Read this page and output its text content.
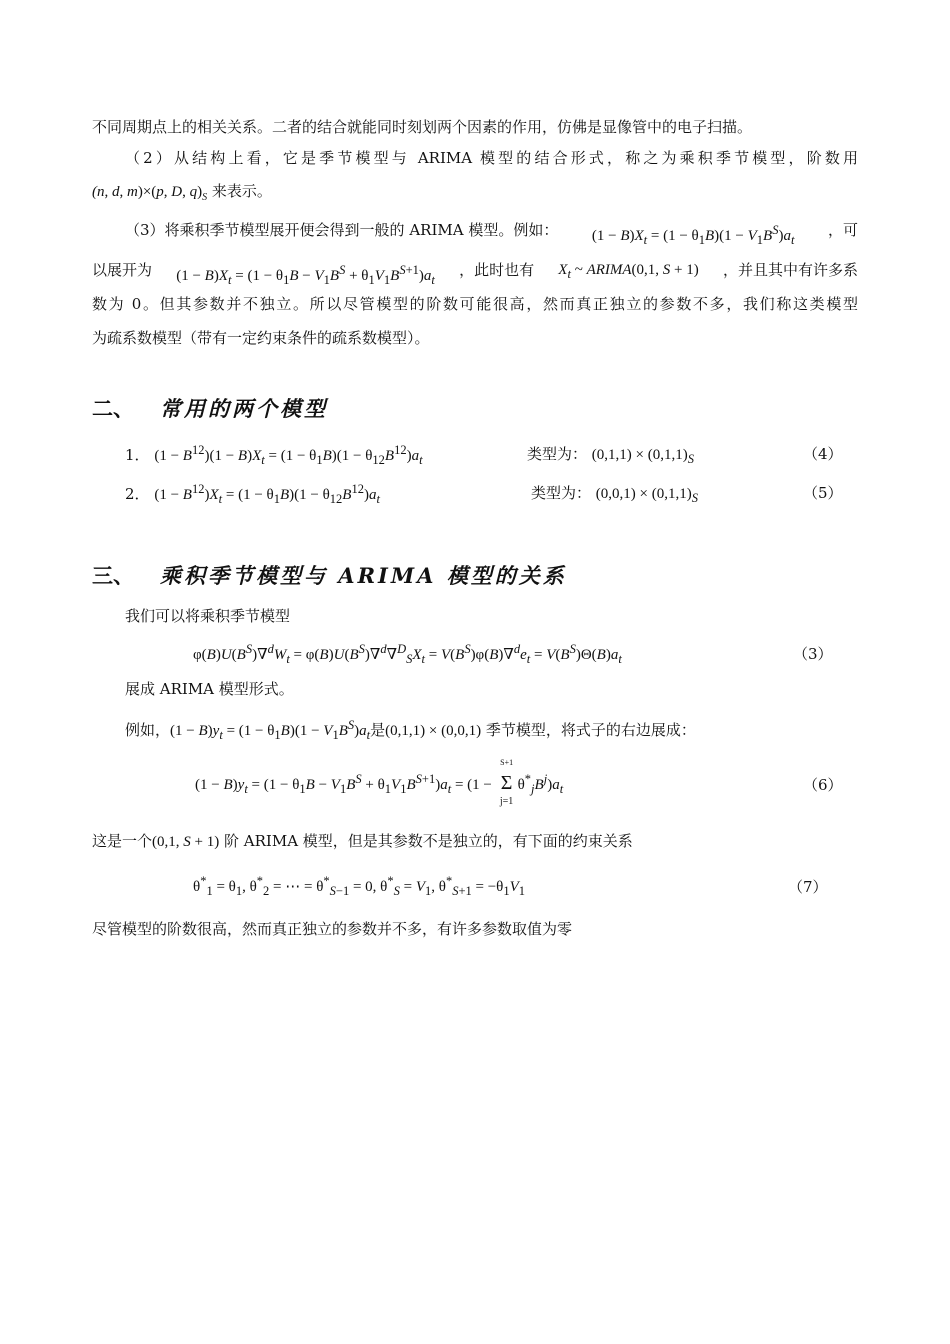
不同周期点上的相关关系。二者的结合就能同时刻划两个因素的作用，仿佛是显像管中的电子扫描。
（2）从结构上看，它是季节模型与 ARIMA 模型的结合形式，称之为乘积季节模型，阶数用
(n, d, m)×(p, D, $q)_S$ 来表示。
（3）将乘积季节模型展开便会得到一般的 ARIMA 模型。例如： $(1 - B)X_t = (1 - \theta_1B)(1 - V_1B^S)a_t$
，可
以展开为 $(1 - B)X_t = (1 - \theta_1B - V_1B^S + \theta_1V_1B^{S+1})a_t$
，此时也有 $X_t$ ~ ARIMA(0,1, S + 1) ，并且其中有许多系
数为 0。但其参数并不独立。所以尽管模型的阶数可能很高，然而真正独立的参数不多，我们称这类模型
为疏系数模型（带有一定约束条件的疏系数模型）。
二、 常用的两个模型
1． $(1 - B^{12})(1 - B)X_t = (1 - \theta_1B)(1 - \theta_{12}B^{12})a_t$	类型为： $(0,1,1) \times (0,1,1)_S$	（4）
2． $(1 - B^{12})X_t = (1 - \theta_1B)(1 - \theta_{12}B^{12})a_t$	类型为： $(0,0,1) \times (0,1,1)_S$	（5）
三、 乘积季节模型与 ARIMA 模型的关系
我们可以将乘积季节模型
$\varphi(B)U(B^S)\nabla^dW_t = \varphi(B)U(B^S)\nabla^d\nabla^D_SX_t = V(B^S)\varphi(B)\nabla^de_t = V(B^S)\Theta(B)a_t$	（3）
展成 ARIMA 模型形式。
例如，$(1 - B)y_t = (1 - \theta_1B)(1 - V_1B^S)a_t$是(0,1,1) × (0,0,1) 季节模型，将式子的右边展成：
$(1 - B)y_t = (1 - \theta_1B - V_1B^S + \theta_1V_1B^{S+1})a_t = (1$ −
S+1
Σ
j=1
$\theta^*_jB^j)a_t$	（6）
这是一个(0,1, S + 1) 阶 ARIMA 模型，但是其参数不是独立的，有下面的约束关系
$\theta^*_1 = \theta_1$, $\theta^*_2$ = ⋯ = $\theta^*_{S-1} = 0$, $\theta^*_S = V_1$, $\theta^*_{S+1} = -\theta_1V_1$	（7）
尽管模型的阶数很高，然而真正独立的参数并不多，有许多参数取值为零
